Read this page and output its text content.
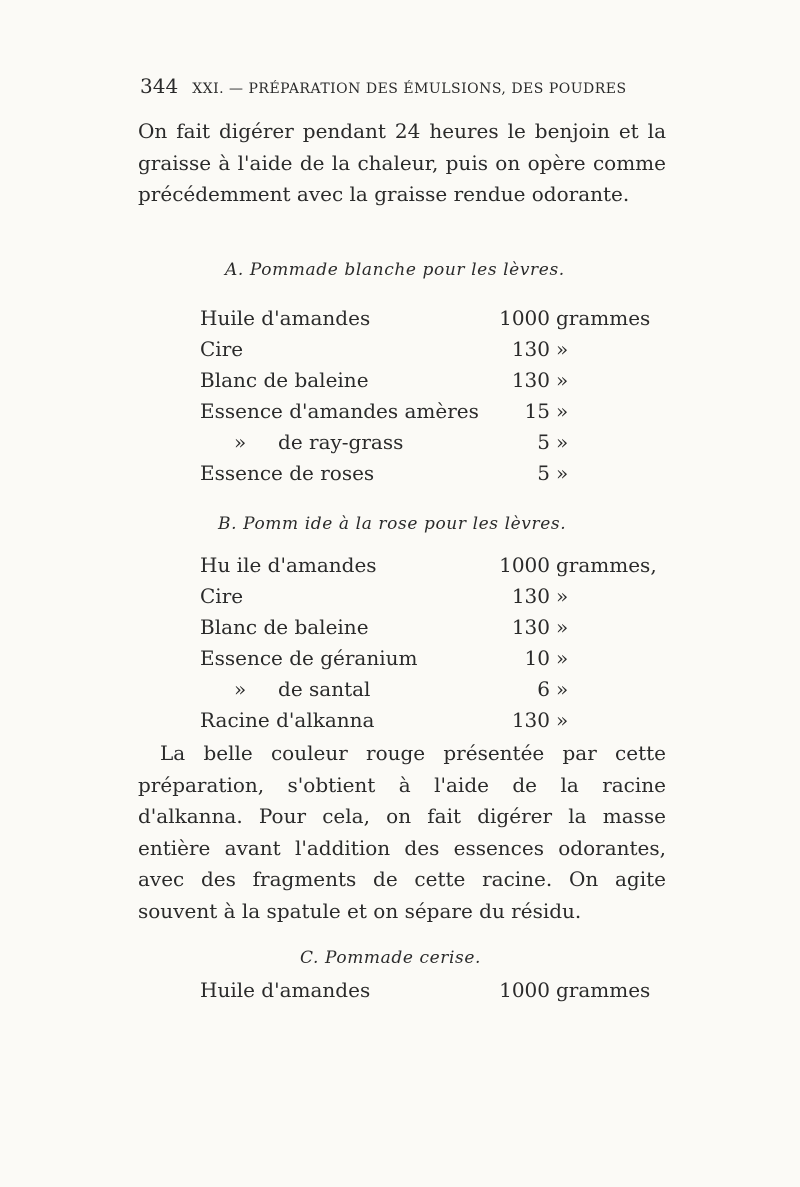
344 XXI. — PRÉPARATION DES ÉMULSIONS, DES POUDRES
On fait digérer pendant 24 heures le benjoin et la graisse à l'aide de la chaleur, puis on opère comme précédemment avec la graisse rendue odorante.
A. Pommade blanche pour les lèvres.
Huile d'amandes	1000 grammes
Cire	130 »
Blanc de baleine	130 »
Essence d'amandes amères	15 »
»     de ray-grass	5 »
Essence de roses	5 »
B. Pomm ide à la rose pour les lèvres.
Hu ile d'amandes	1000 grammes,
Cire	130 »
Blanc de baleine	130 »
Essence de géranium	10 »
»     de santal	6 »
Racine d'alkanna	130 »
La belle couleur rouge présentée par cette préparation, s'obtient à l'aide de la racine d'alkanna. Pour cela, on fait digérer la masse entière avant l'addition des essences odorantes, avec des fragments de cette racine. On agite souvent à la spatule et on sépare du résidu.
C. Pommade cerise.
Huile d'amandes	1000 grammes
